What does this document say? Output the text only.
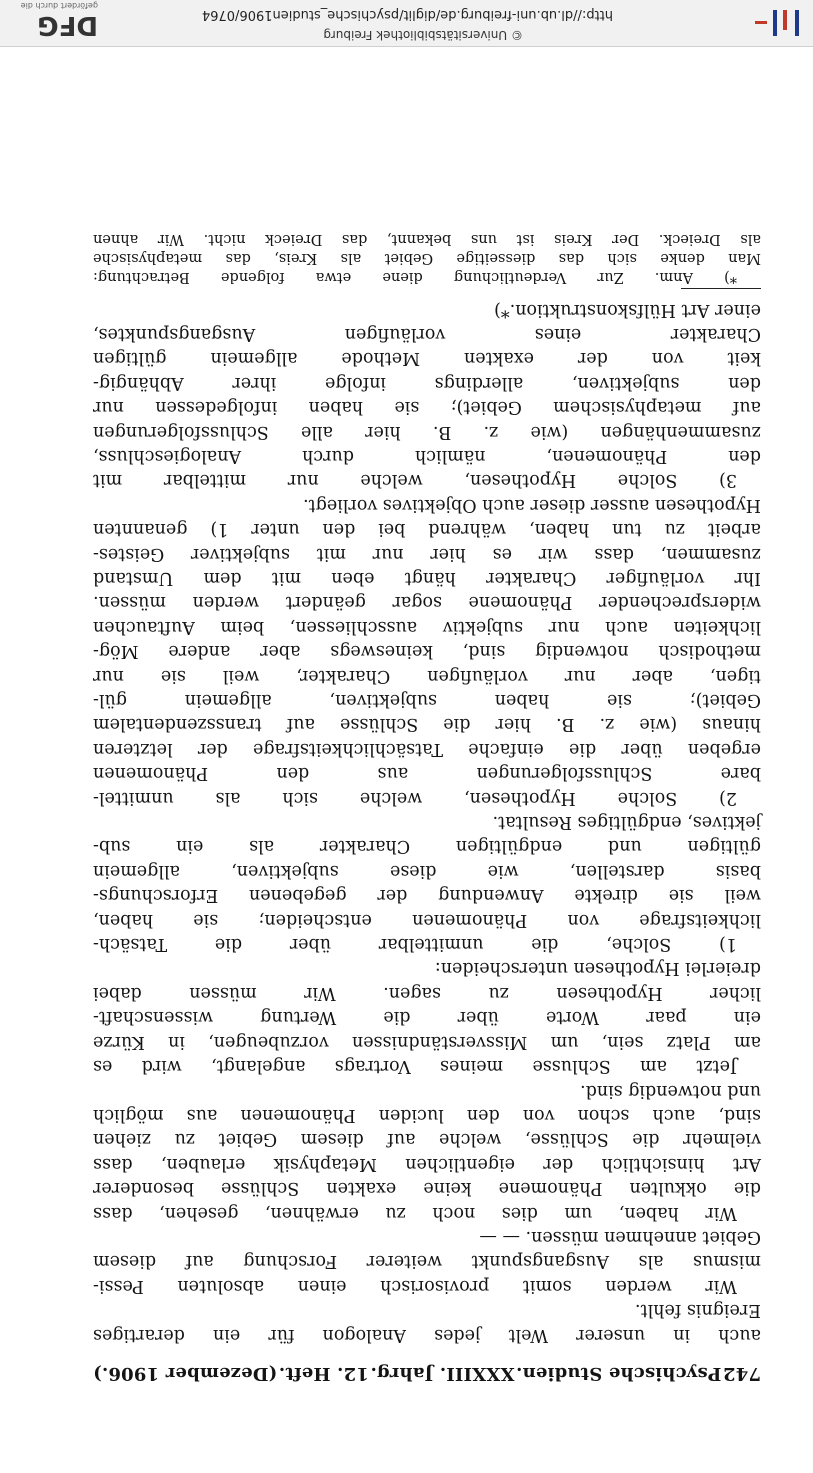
742
Psychische Studien.
XXXIII. Jahrg.
12. Heft.
(Dezember 1906.)
auch in unserer Welt jedes Analogon für ein derartiges
Ereignis fehlt.
Wir werden somit provisorisch einen absoluten Pessi-
mismus als Ausgangspunkt weiterer Forschung auf diesem
Gebiet annehmen müssen. — —
Wir haben, um dies noch zu erwähnen, gesehen, dass
die okkulten Phänomene keine exakten Schlüsse besonderer
Art hinsichtlich der eigentlichen Metaphysik erlauben, dass
vielmehr die Schlüsse, welche auf diesem Gebiet zu ziehen
sind, auch schon von den luciden Phänomenen aus möglich
und notwendig sind.
Jetzt am Schlusse meines Vortrags angelangt, wird es
am Platz sein, um Missverständnissen vorzubeugen, in Kürze
ein paar Worte über die Wertung wissenschaft-
licher Hypothesen zu sagen. Wir müssen dabei
dreierlei Hypothesen unterscheiden:
1) Solche, die unmittelbar über die Tatsäch-
lichkeitsfrage von Phänomenen entscheiden; sie haben,
weil sie direkte Anwendung der gegebenen Erforschungs-
basis darstellen, wie diese subjektiven, allgemein
gültigen und endgültigen Charakter als ein sub-
jektives, endgültiges Resultat.
2) Solche Hypothesen, welche sich als unmittel-
bare Schlussfolgerungen aus den Phänomenen
ergeben über die einfache Tatsächlichkeitsfrage der letzteren
hinaus (wie z. B. hier die Schlüsse auf transszendentalem
Gebiet); sie haben subjektiven, allgemein gül-
tigen, aber nur vorläufigen Charakter, weil sie nur
methodisch notwendig sind, keineswegs aber andere Mög-
lichkeiten auch nur subjektiv ausschliessen, beim Auftauchen
widersprechender Phänomene sogar geändert werden müssen.
Ihr vorläufiger Charakter hängt eben mit dem Umstand
zusammen, dass wir es hier nur mit subjektiver Geistes-
arbeit zu tun haben, während bei den unter 1) genannten
Hypothesen ausser dieser auch Objektives vorliegt.
3) Solche Hypothesen, welche nur mittelbar mit
den Phänomenen, nämlich durch Analogieschluss,
zusammenhängen (wie z. B. hier alle Schlussfolgerungen
auf metaphysischem Gebiet); sie haben infolgedessen nur
den subjektiven, allerdings infolge ihrer Abhängig-
keit von der exakten Methode allgemein gültigen
Charakter eines vorläufigen Ausgangspunktes,
einer Art Hülfskonstruktion.*)
*) Anm. Zur Verdeutlichung diene etwa folgende Betrachtung:
Man denke sich das diesseitige Gebiet als Kreis, das metaphysische
als Dreieck. Der Kreis ist uns bekannt, das Dreieck nicht. Wir ahnen
http://dl.ub.uni-freiburg.de/diglit/psychische_studien1906/0764
© Universitätsbibliothek Freiburg
DFG
gefördert durch die
